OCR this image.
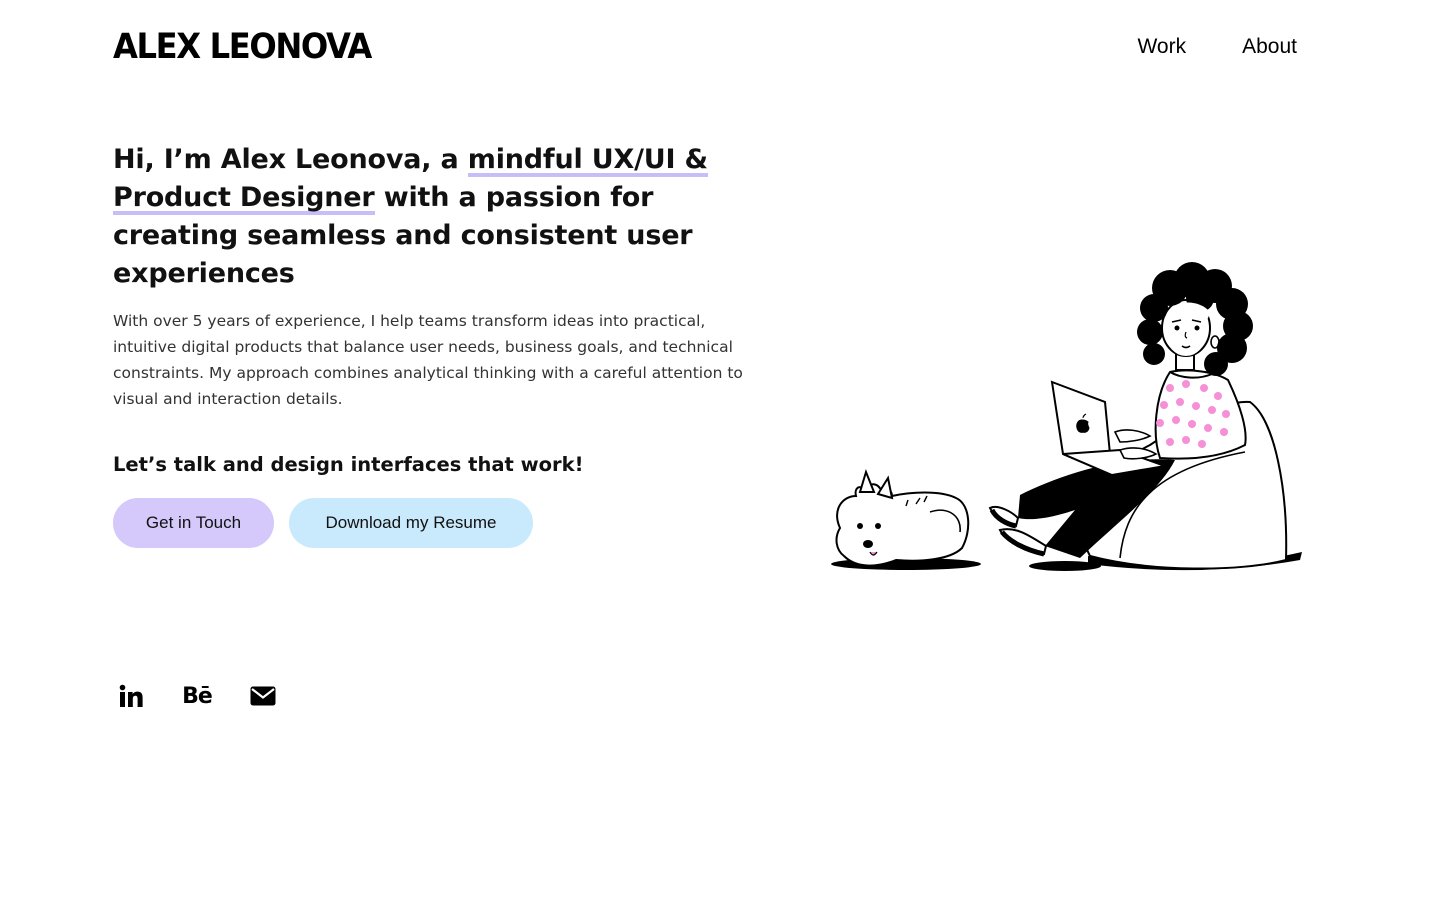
ALEX LEONOVA	Work	About
Hi, I’m Alex Leonova, a mindful UX/UI & Product Designer with a passion for creating seamless and consistent user experiences

With over 5 years of experience, I help teams transform ideas into practical, intuitive digital products that balance user needs, business goals, and technical constraints. My approach combines analytical thinking with a careful attention to visual and interaction details.

Let’s talk and design interfaces that work!
Get in Touch	Download my Resume
Bē
